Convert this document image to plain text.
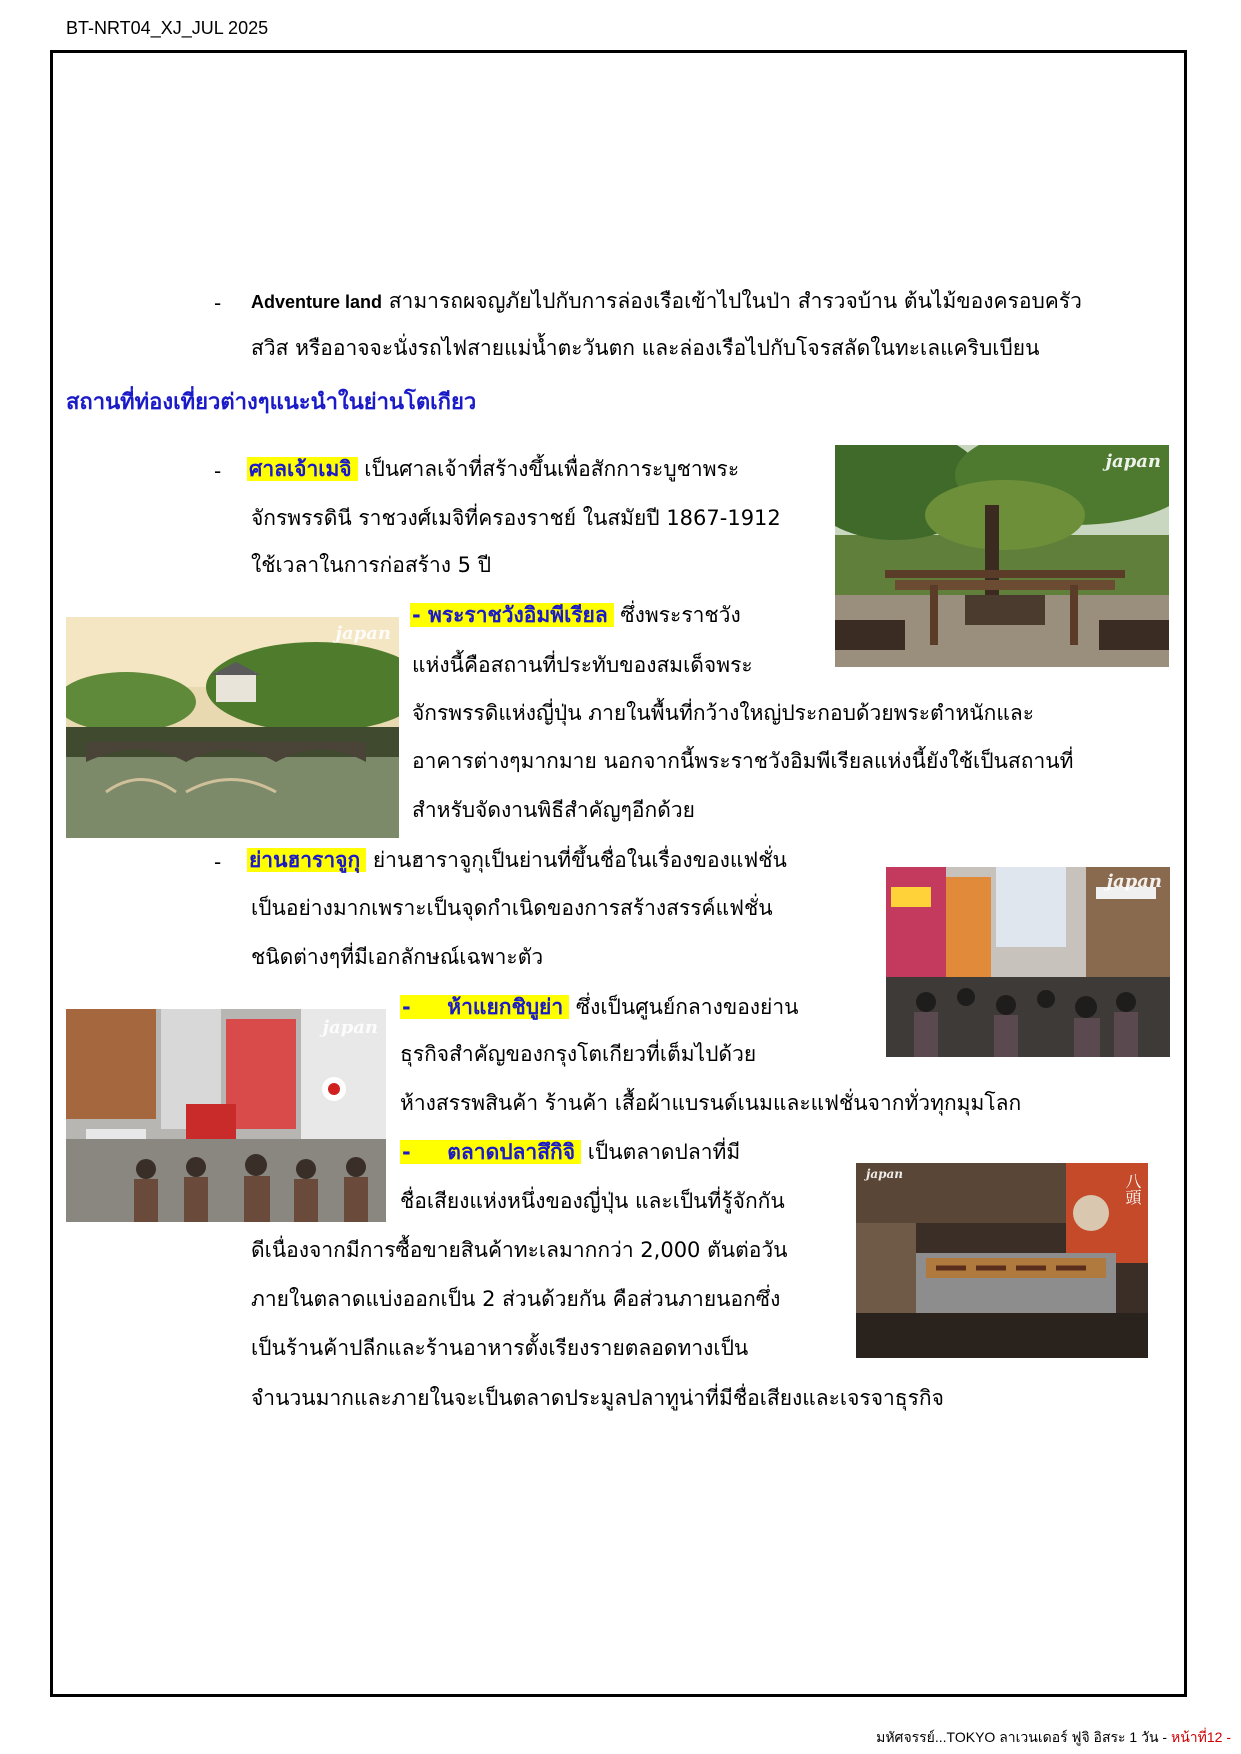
BT-NRT04_XJ_JUL 2025
- Adventure land สามารถผจญภัยไปกับการล่องเรือเข้าไปในป่า สำรวจบ้าน ต้นไม้ของครอบครัว
สวิส หรืออาจจะนั่งรถไฟสายแม่น้ำตะวันตก และล่องเรือไปกับโจรสลัดในทะเลแคริบเบียน
สถานที่ท่องเที่ยวต่างๆแนะนำในย่านโตเกียว
- ศาลเจ้าเมจิ เป็นศาลเจ้าที่สร้างขึ้นเพื่อสักการะบูชาพระ
จักรพรรดินี ราชวงศ์เมจิที่ครองราชย์ ในสมัยปี 1867-1912
ใช้เวลาในการก่อสร้าง 5 ปี
- พระราชวังอิมพีเรียล ซึ่งพระราชวัง
แห่งนี้คือสถานที่ประทับของสมเด็จพระ
จักรพรรดิแห่งญี่ปุ่น ภายในพื้นที่กว้างใหญ่ประกอบด้วยพระตำหนักและ
อาคารต่างๆมากมาย นอกจากนี้พระราชวังอิมพีเรียลแห่งนี้ยังใช้เป็นสถานที่
สำหรับจัดงานพิธีสำคัญๆอีกด้วย
- ย่านฮาราจูกุ ย่านฮาราจูกุเป็นย่านที่ขึ้นชื่อในเรื่องของแฟชั่น
เป็นอย่างมากเพราะเป็นจุดกำเนิดของการสร้างสรรค์แฟชั่น
ชนิดต่างๆที่มีเอกลักษณ์เฉพาะตัว
-     ห้าแยกชิบูย่า ซึ่งเป็นศูนย์กลางของย่าน
ธุรกิจสำคัญของกรุงโตเกียวที่เต็มไปด้วย
ห้างสรรพสินค้า ร้านค้า เสื้อผ้าแบรนด์เนมและแฟชั่นจากทั่วทุกมุมโลก
-     ตลาดปลาสึกิจิ เป็นตลาดปลาที่มี
ชื่อเสียงแห่งหนึ่งของญี่ปุ่น และเป็นที่รู้จักกัน
ดีเนื่องจากมีการซื้อขายสินค้าทะเลมากกว่า 2,000 ตันต่อวัน
ภายในตลาดแบ่งออกเป็น 2 ส่วนด้วยกัน คือส่วนภายนอกซึ่ง
เป็นร้านค้าปลีกและร้านอาหารตั้งเรียงรายตลอดทางเป็น
จำนวนมากและภายในจะเป็นตลาดประมูลปลาทูน่าที่มีชื่อเสียงและเจรจาธุรกิจ
japan
japan
japan
japan
japan	八頭
มหัศจรรย์...TOKYO ลาเวนเดอร์ ฟูจิ อิสระ 1 วัน - หน้าที่12 -
